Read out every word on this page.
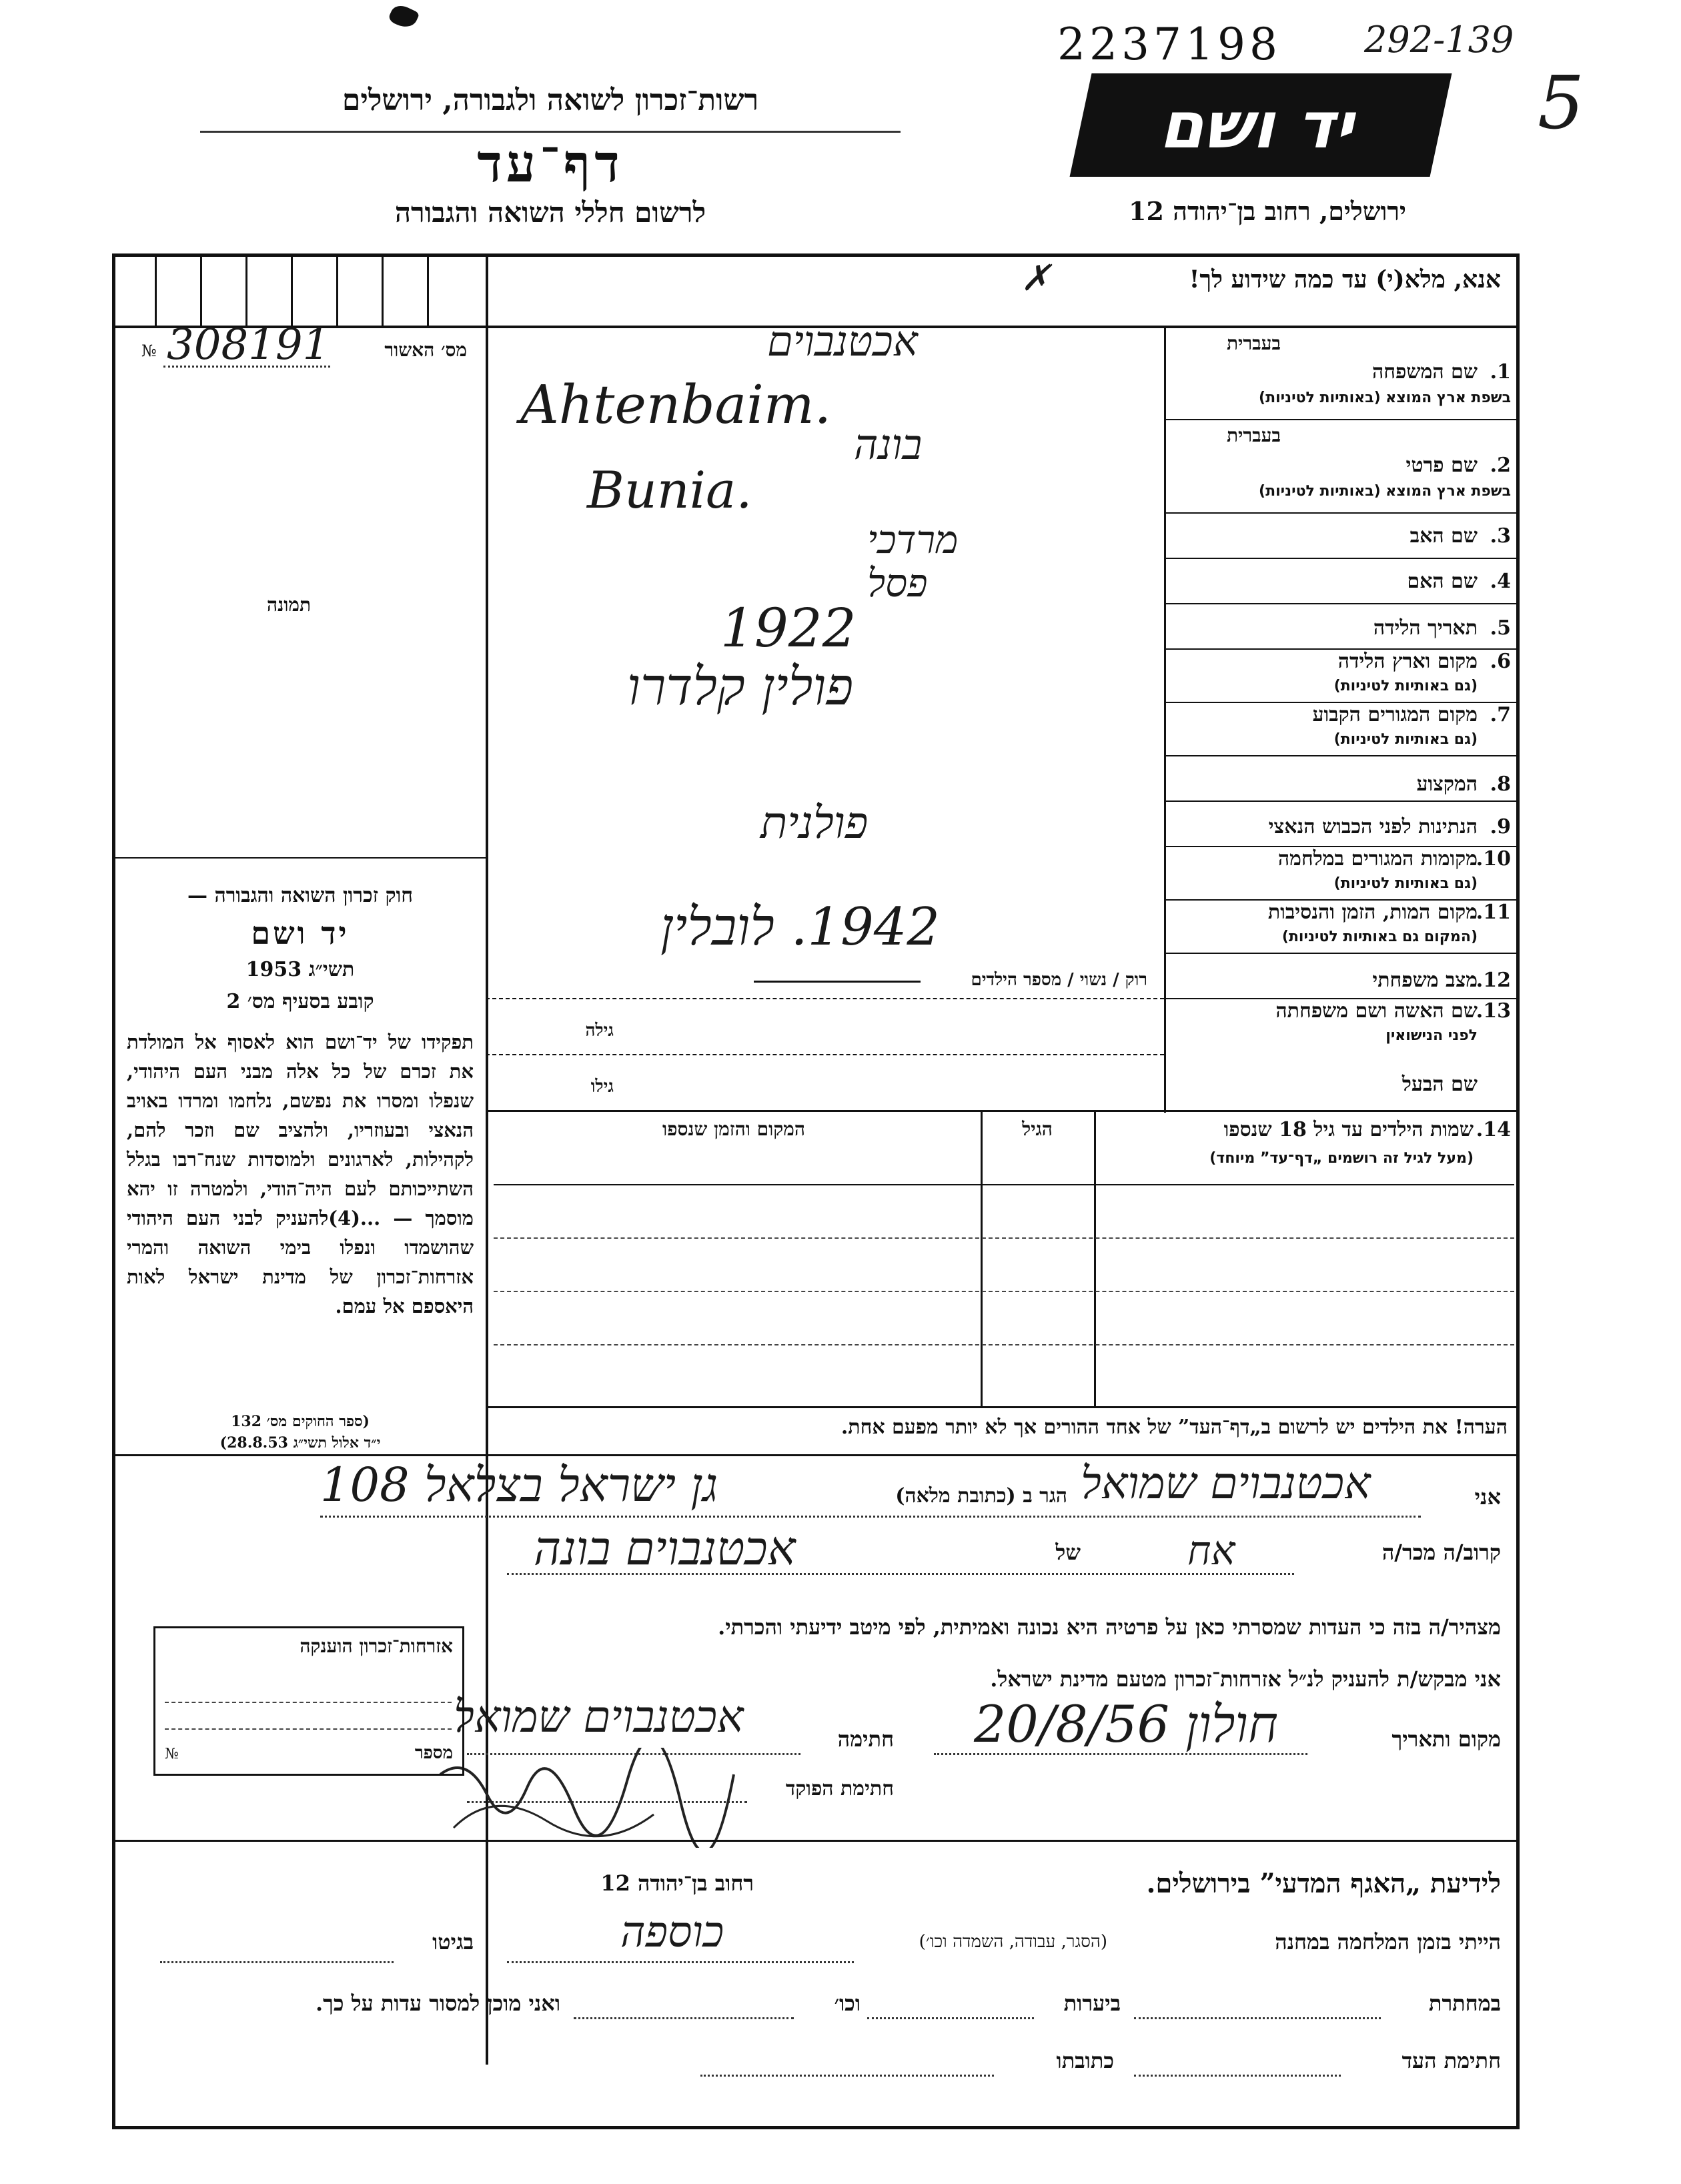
2237198 292-139
5
רשות־זכרון לשואה ולגבורה, ירושלים
דף־עד
לרשום חללי השואה והגבורה
יד ושם
ירושלים, רחוב בן־יהודה 12
אנא, מלא(י) עד כמה שידוע לך!
✗
מס׳ האשור
№ 308191
תמונה
בעברית
1.
שם המשפחה
בשפת ארץ המוצא (באותיות לטיניות)
בעברית
2.
שם פרטי
בשפת ארץ המוצא (באותיות לטיניות)
3.
שם האב
4.
שם האם
5.
תאריך הלידה
6.
מקום וארץ הלידה
(גם באותיות לטיניות)
7.
מקום המגורים הקבוע
(גם באותיות לטיניות)
8.
המקצוע
9.
הנתינות לפני הכבוש הנאצי
10.
מקומות המגורים במלחמה
(גם באותיות לטיניות)
11.
מקום המות, הזמן והנסיבות
(המקום גם באותיות לטיניות)
12.
מצב משפחתי
13.
שם האשה ושם משפחתה
לפני הנישואין
שם הבעל
רוק / נשוי / מספר הילדים
גילה
גילו
אכטנבוים
Ahtenbaim.
בונה
Bunia.
מרדכי
פסל
1922
פולין קלדרו
פולנית
1942. לובלין
חוק זכרון השואה והגבורה —
יד ושם
תשי״ג 1953
קובע בסעיף מס׳ 2
תפקידו של יד־ושם הוא לאסוף אל המולדת את זכרם של כל אלה מבני העם היהודי, שנפלו ומסרו את נפשם, נלחמו ומרדו באויב הנאצי ובעוזריו, ולהציב שם וזכר להם, לקהילות, לארגונים ולמוסדות שנח־רבו בגלל השתייכותם לעם היה־הודי, ולמטרה זו יהא מוסמך — ...(4)להעניק לבני העם היהודי שהושמדו ונפלו בימי השואה והמרי אזרחות־זכרון של מדינת ישראל לאות היאספם אל עמם.
(ספר החוקים מס׳ 132
י״ד אלול תשי״ג 28.8.53)
14.
שמות הילדים עד גיל 18 שנספו
(מעל לגיל זה רושמים „דף־עד” מיוחד)
הגיל
המקום והזמן שנספו
הערה! את הילדים יש לרשום ב„דף־העד” של אחד ההורים אך לא יותר מפעם אחת.
אני
אכטנבוים שמואל
הגר ב (כתובת מלאה)
גן ישראל בצלאל 108
קרוב/ה מכר/ה
אח
של
אכטנבוים בונה
מצהיר/ה בזה כי העדות שמסרתי כאן על פרטיה היא נכונה ואמיתית, לפי מיטב ידיעתי והכרתי.
אני מבקש/ת להעניק לנ״ל אזרחות־זכרון מטעם מדינת ישראל.
מקום ותאריך
חולון 20/8/56
חתימה
אכטנבוים שמואל
חתימת הפוקד
אזרחות־זכרון הוענקה
מספר
№
לידיעת „האגף המדעי” בירושלים.
רחוב בן־יהודה 12
הייתי בזמן המלחמה במחנה
(הסגר, עבודה, השמדה וכו׳)
כוספה
בגיטו
במחתרת
ביערות
וכו׳
ואני מוכן למסור עדות על כך.
חתימת העד
כתובתו
